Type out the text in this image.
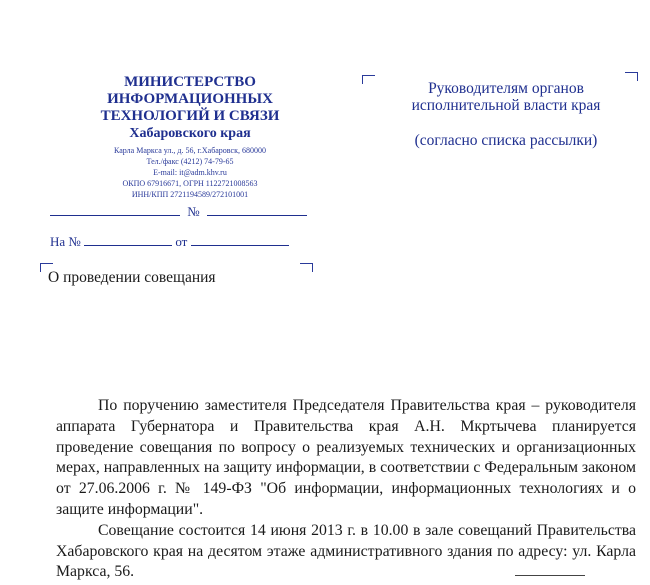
МИНИСТЕРСТВО
ИНФОРМАЦИОННЫХ
ТЕХНОЛОГИЙ И СВЯЗИ
Хабаровского края
Карла Маркса ул., д. 56, г.Хабаровск, 680000
Тел./факс (4212) 74-79-65
E-mail: it@adm.khv.ru
ОКПО 67916671, ОГРН 1122721008563
ИНН/КПП 2721194589/272101001
№
На №	от
Руководителям органов
исполнительной власти края
(согласно списка рассылки)
О проведении совещания

По поручению заместителя Председателя Правительства края – руководителя аппарата Губернатора и Правительства края А.Н. Мкртычева планируется проведение совещания по вопросу о реализуемых технических и организационных мерах, направленных на защиту информации, в соответствии с Федеральным законом от 27.06.2006 г. № 149-ФЗ "Об информации, информационных технологиях и о защите информации".

Совещание состоится 14 июня 2013 г. в 10.00 в зале совещаний Правительства Хабаровского края на десятом этаже административного здания по адресу: ул. Карла Маркса, 56.
